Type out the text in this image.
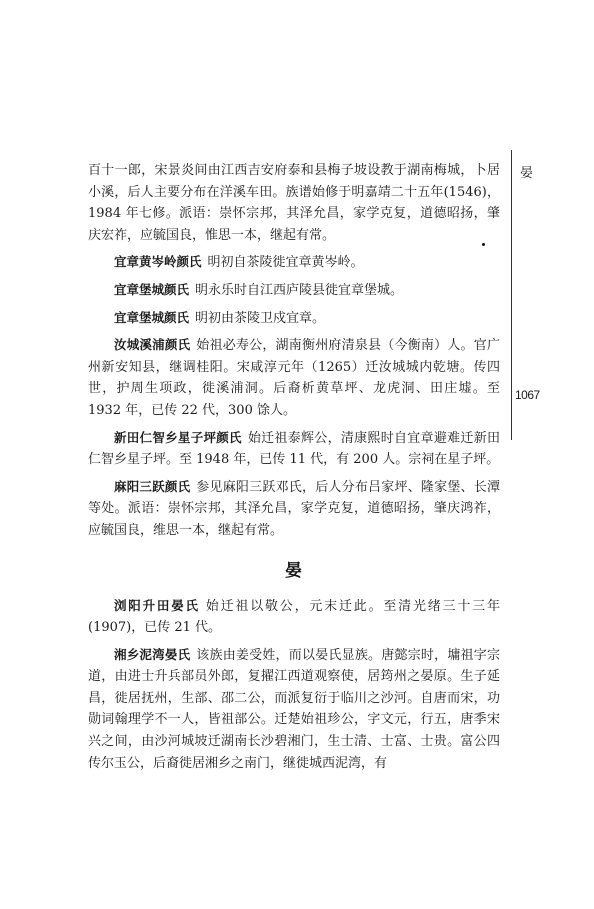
晏
1067

百十一郎，宋景炎间由江西吉安府泰和县梅子坡设教于湖南梅城，卜居小溪，后人主要分布在洋溪车田。族谱始修于明嘉靖二十五年(1546)，1984 年七修。派语：崇怀宗邦，其泽允昌，家学克复，道德昭扬，肇庆宏祚，应毓国良，惟思一本，继起有常。

宜章黄岑岭颜氏 明初自茶陵徙宜章黄岑岭。

宜章堡城颜氏 明永乐时自江西庐陵县徙宜章堡城。

宜章堡城颜氏 明初由茶陵卫戍宜章。

汝城溪浦颜氏 始祖必寿公，湖南衡州府清泉县（今衡南）人。官广州新安知县，继调桂阳。宋咸淳元年（1265）迁汝城城内乾塘。传四世，护周生项政，徙溪浦洞。后裔析黄草坪、龙虎洞、田庄墟。至 1932 年，已传 22 代，300 馀人。

新田仁智乡星子坪颜氏 始迁祖泰辉公，清康熙时自宜章避难迁新田仁智乡星子坪。至 1948 年，已传 11 代，有 200 人。宗祠在星子坪。

麻阳三跃颜氏 参见麻阳三跃邓氏，后人分布吕家坪、隆家堡、长潭等处。派语：崇怀宗邦，其泽允昌，家学克复，道德昭扬，肇庆鸿祚，应毓国良，维思一本，继起有常。

晏

浏阳升田晏氏 始迁祖以敬公，元末迁此。至清光绪三十三年(1907)，已传 21 代。

湘乡泥湾晏氏 该族由姜受姓，而以晏氏显族。唐懿宗时，墉祖字宗道，由进士升兵部员外郎，复擢江西道观察使，居筠州之晏原。生子延昌，徙居抚州，生部、邵二公，而派复衍于临川之沙河。自唐而宋，功勋词翰理学不一人，皆祖部公。迁楚始祖珍公，字文元，行五，唐季宋兴之间，由沙河城坡迁湖南长沙碧湘门，生士清、士富、士贵。富公四传尔玉公，后裔徙居湘乡之南门，继徙城西泥湾，有
